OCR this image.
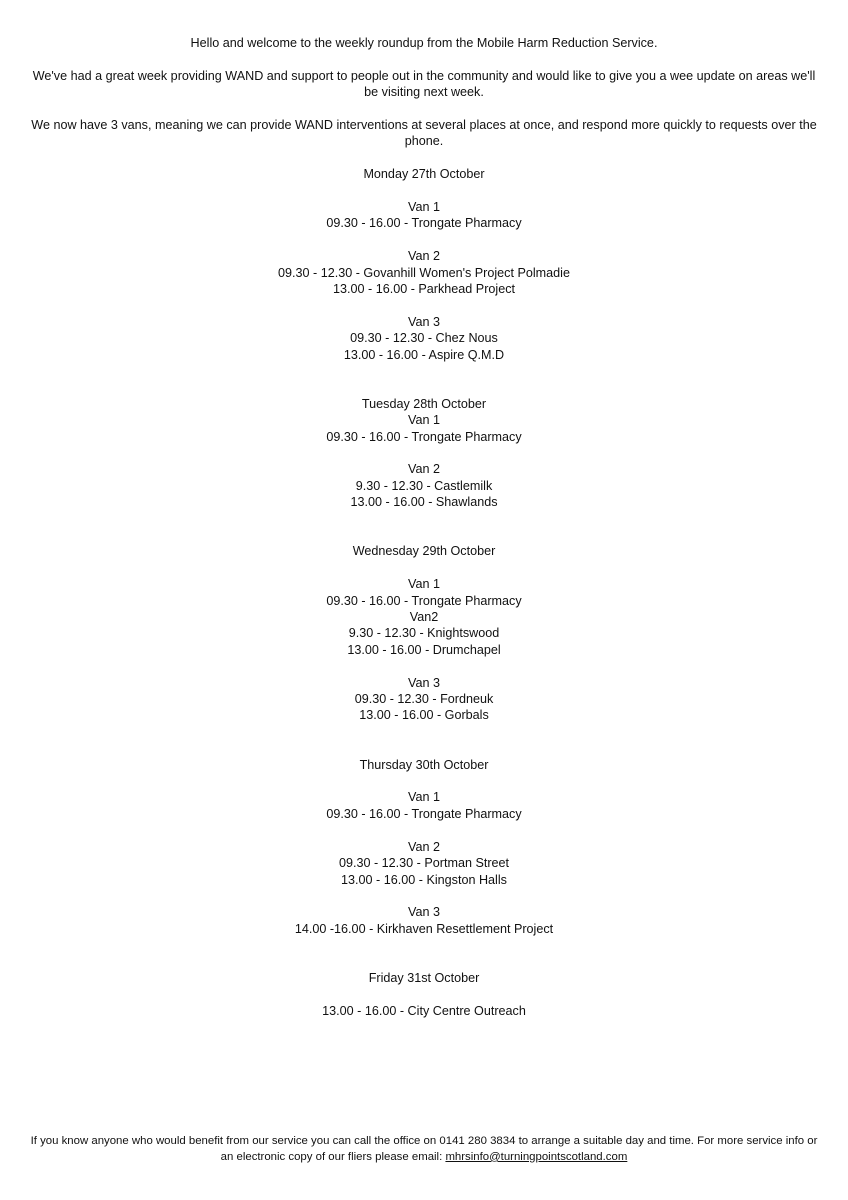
Hello and welcome to the weekly roundup from the Mobile Harm Reduction Service.

We've had a great week providing WAND and support to people out in the community and would like to give you a wee update on areas we'll be visiting next week.

We now have 3 vans, meaning we can provide WAND interventions at several places at once, and respond more quickly to requests over the phone.

Monday 27th October
Van 1
09.30 - 16.00 - Trongate Pharmacy
Van 2
09.30 - 12.30 - Govanhill Women's Project Polmadie
13.00 - 16.00 - Parkhead Project
Van 3
09.30 - 12.30 - Chez Nous
13.00 - 16.00 - Aspire Q.M.D
Tuesday 28th October
Van 1
09.30 - 16.00 - Trongate Pharmacy
Van 2
9.30 - 12.30 - Castlemilk
13.00 - 16.00 - Shawlands
Wednesday 29th October
Van 1
09.30 - 16.00 - Trongate Pharmacy
Van2
9.30 - 12.30 - Knightswood
13.00 - 16.00 - Drumchapel
Van 3
09.30 - 12.30 - Fordneuk
13.00 - 16.00 - Gorbals
Thursday 30th October
Van 1
09.30 - 16.00 - Trongate Pharmacy
Van 2
09.30 - 12.30 - Portman Street
13.00 - 16.00 - Kingston Halls
Van 3
14.00 -16.00 - Kirkhaven Resettlement Project
Friday 31st October
13.00 - 16.00 - City Centre Outreach
If you know anyone who would benefit from our service you can call the office on 0141 280 3834 to arrange a suitable day and time. For more service info or an electronic copy of our fliers please email: mhrsinfo@turningpointscotland.com
